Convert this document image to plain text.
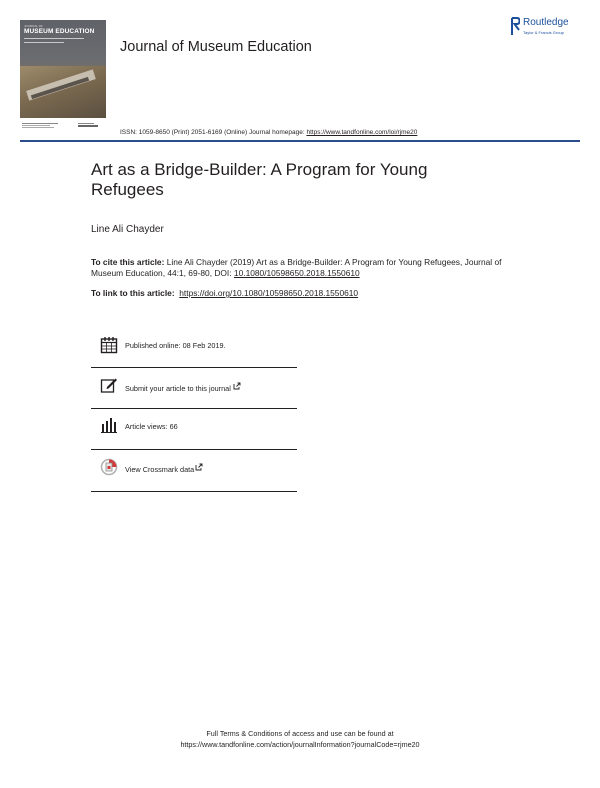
JOURNAL OF
MUSEUM EDUCATION
Journal of Museum Education
Routledge
Taylor & Francis Group
ISSN: 1059-8650 (Print) 2051-6169 (Online) Journal homepage: https://www.tandfonline.com/loi/rjme20
Art as a Bridge-Builder: A Program for Young Refugees
Line Ali Chayder
To cite this article: Line Ali Chayder (2019) Art as a Bridge-Builder: A Program for Young Refugees, Journal of Museum Education, 44:1, 69-80, DOI: 10.1080/10598650.2018.1550610
To link to this article: https://doi.org/10.1080/10598650.2018.1550610
Published online: 08 Feb 2019.
Submit your article to this journal
Article views: 66
View Crossmark data
Full Terms & Conditions of access and use can be found at
https://www.tandfonline.com/action/journalInformation?journalCode=rjme20
